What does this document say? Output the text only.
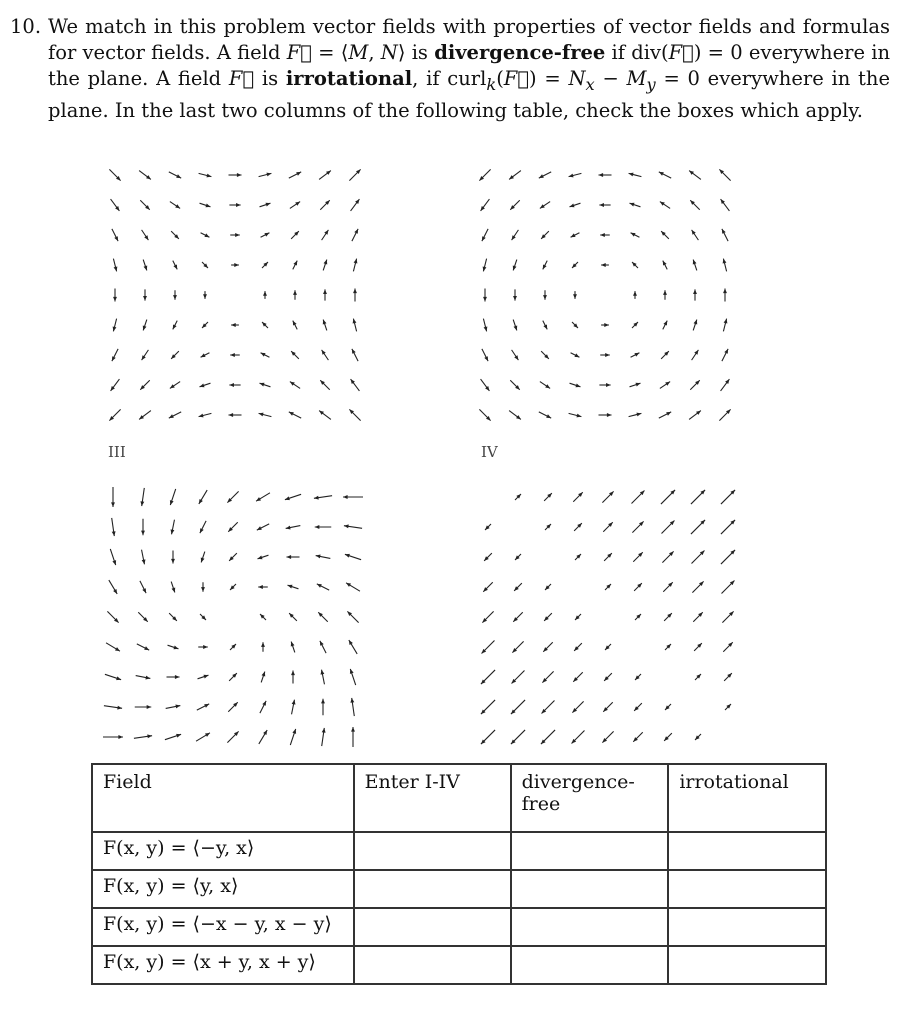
10. We match in this problem vector fields with properties of vector fields and formulas for vector fields. A field F⃗ = ⟨M, N⟩ is divergence-free if div(F⃗) = 0 everywhere in the plane. A field F⃗ is irrotational, if curl$_k$(F⃗) = $N_x - M_y = 0$ everywhere in the plane. In the last two columns of the following table, check the boxes which apply.
III	IV
Field	Enter I-IV	divergence-free	irrotational
F(x, y) = ⟨−y, x⟩			
F(x, y) = ⟨y, x⟩			
F(x, y) = ⟨−x − y, x − y⟩			
F(x, y) = ⟨x + y, x + y⟩			
